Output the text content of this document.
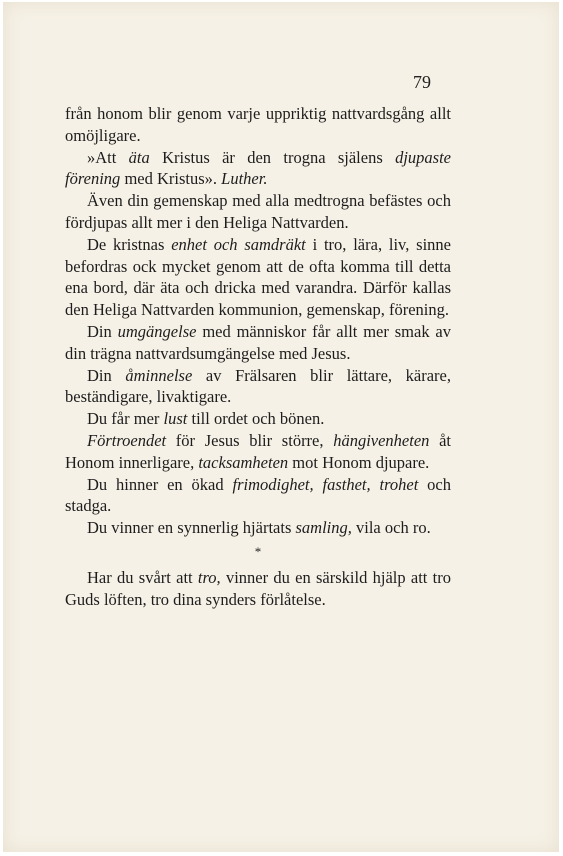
79

från honom blir genom varje uppriktig nattvardsgång allt omöjligare.

»Att äta Kristus är den trogna själens djupaste förening med Kristus». Luther.

Även din gemenskap med alla medtrogna befästes och fördjupas allt mer i den Heliga Nattvarden.

De kristnas enhet och samdräkt i tro, lära, liv, sinne befordras ock mycket genom att de ofta komma till detta ena bord, där äta och dricka med varandra. Därför kallas den Heliga Nattvarden kommunion, gemenskap, förening.

Din umgängelse med människor får allt mer smak av din trägna nattvardsumgängelse med Jesus.

Din åminnelse av Frälsaren blir lättare, kärare, beständigare, livaktigare.

Du får mer lust till ordet och bönen.

Förtroendet för Jesus blir större, hängivenheten åt Honom innerligare, tacksamheten mot Honom djupare.

Du hinner en ökad frimodighet, fasthet, trohet och stadga.

Du vinner en synnerlig hjärtats samling, vila och ro.

*

Har du svårt att tro, vinner du en särskild hjälp att tro Guds löften, tro dina synders förlåtelse.
